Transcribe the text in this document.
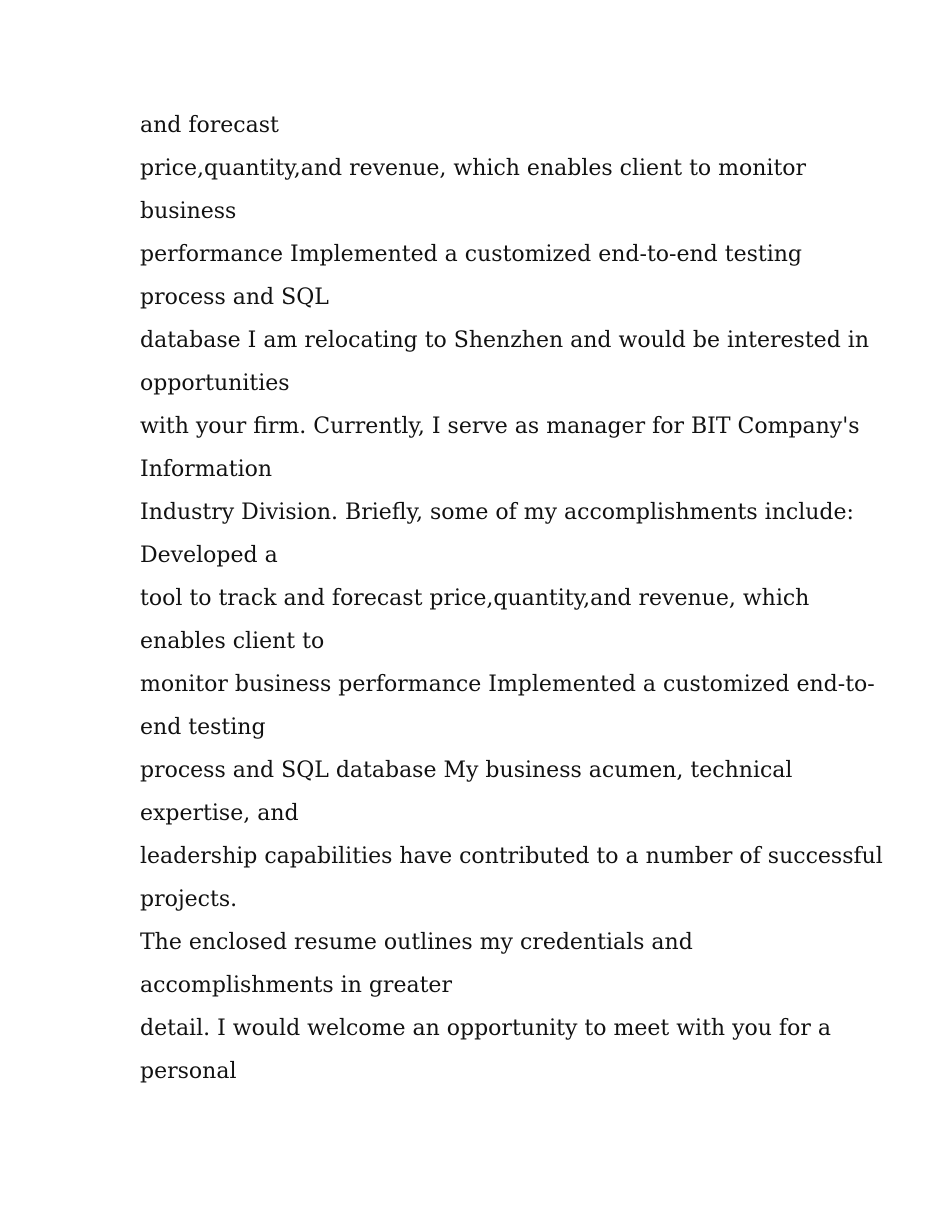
and forecast
price,quantity,and revenue, which enables client to monitor
business
performance Implemented a customized end-to-end testing
process and SQL
database I am relocating to Shenzhen and would be interested in
opportunities
with your firm. Currently, I serve as manager for BIT Company's
Information
Industry Division. Briefly, some of my accomplishments include:
Developed a
tool to track and forecast price,quantity,and revenue, which
enables client to
monitor business performance Implemented a customized end-to-
end testing
process and SQL database My business acumen, technical
expertise, and
leadership capabilities have contributed to a number of successful
projects.
The enclosed resume outlines my credentials and
accomplishments in greater
detail. I would welcome an opportunity to meet with you for a
personal
